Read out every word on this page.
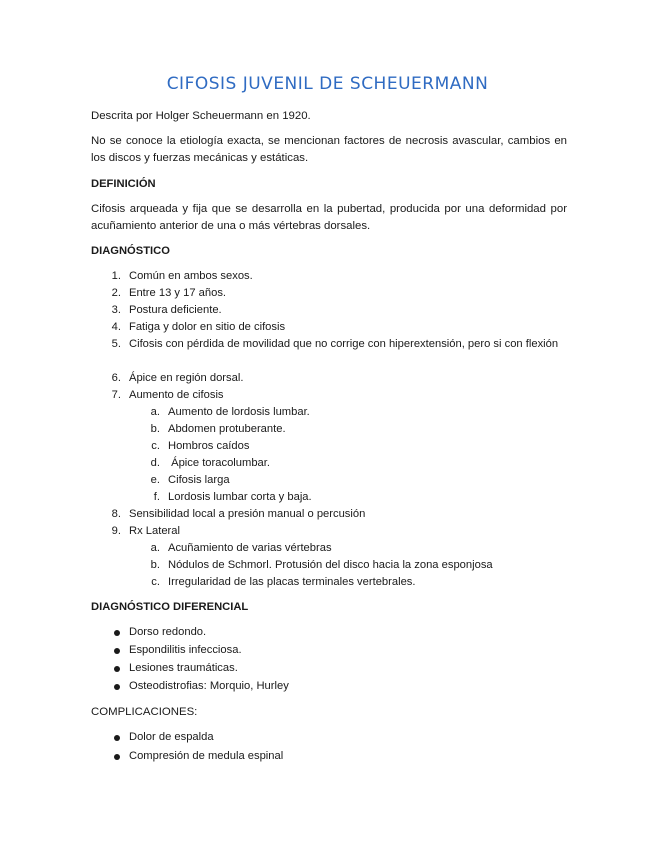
CIFOSIS JUVENIL DE SCHEUERMANN
Descrita por Holger Scheuermann en 1920.
No se conoce la etiología exacta, se mencionan factores de necrosis avascular, cambios en los discos y fuerzas mecánicas y estáticas.
DEFINICIÓN
Cifosis arqueada y fija que se desarrolla en la pubertad, producida por una deformidad por acuñamiento anterior de una o más vértebras dorsales.
DIAGNÓSTICO
1. Común en ambos sexos.
2. Entre 13 y 17 años.
3. Postura deficiente.
4. Fatiga y dolor en sitio de cifosis
5. Cifosis con pérdida de movilidad que no corrige con hiperextensión, pero si con flexión
6. Ápice en región dorsal.
7. Aumento de cifosis
a. Aumento de lordosis lumbar.
b. Abdomen protuberante.
c. Hombros caídos
d. Ápice toracolumbar.
e. Cifosis larga
f. Lordosis lumbar corta y baja.
8. Sensibilidad local a presión manual o percusión
9. Rx Lateral
a. Acuñamiento de varias vértebras
b. Nódulos de Schmorl. Protusión del disco hacia la zona esponjosa
c. Irregularidad de las placas terminales vertebrales.
DIAGNÓSTICO DIFERENCIAL
Dorso redondo.
Espondilitis infecciosa.
Lesiones traumáticas.
Osteodistrofias: Morquio, Hurley
COMPLICACIONES:
Dolor de espalda
Compresión de medula espinal
